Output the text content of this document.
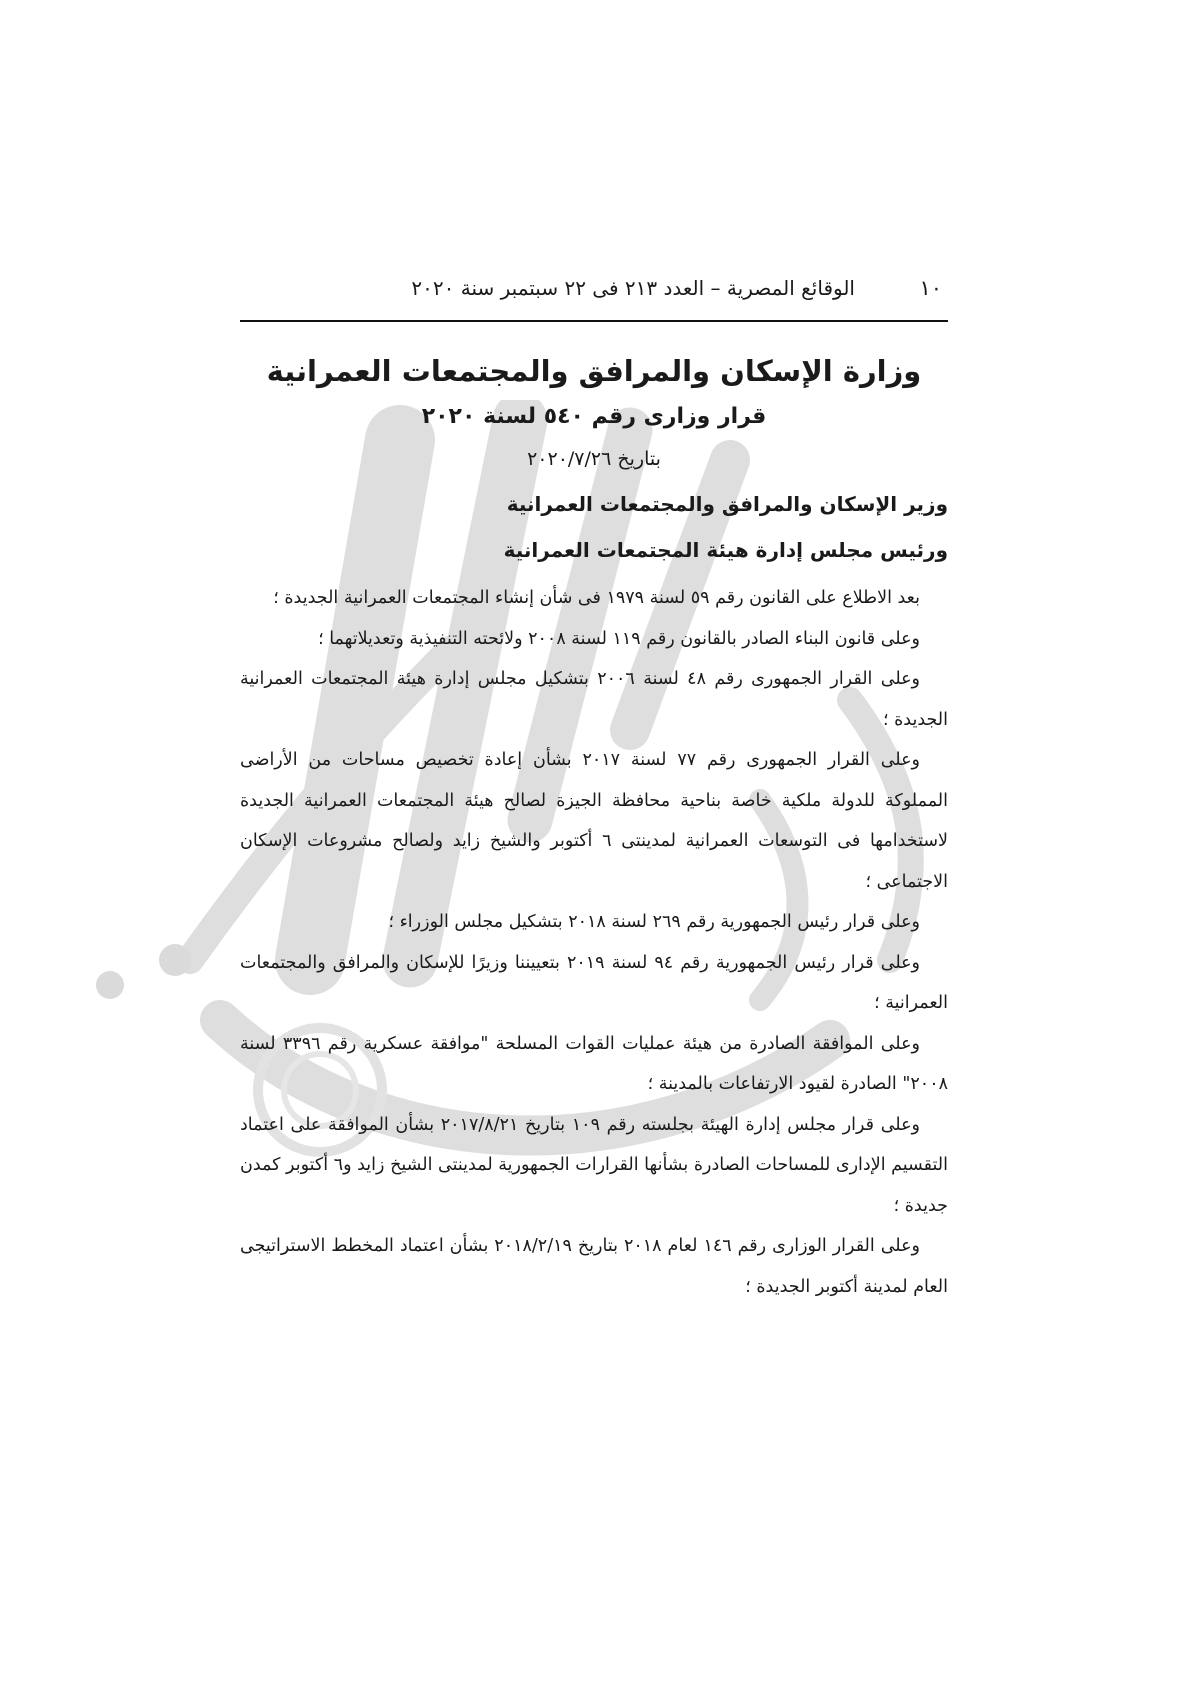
١٠
الوقائع المصرية – العدد ٢١٣ فى ٢٢ سبتمبر سنة ٢٠٢٠
وزارة الإسكان والمرافق والمجتمعات العمرانية
قرار وزارى رقم ٥٤٠ لسنة ٢٠٢٠
بتاريخ ٢٠٢٠/٧/٢٦
وزير الإسكان والمرافق والمجتمعات العمرانية
ورئيس مجلس إدارة هيئة المجتمعات العمرانية

بعد الاطلاع على القانون رقم ٥٩ لسنة ١٩٧٩ فى شأن إنشاء المجتمعات العمرانية الجديدة ؛

وعلى قانون البناء الصادر بالقانون رقم ١١٩ لسنة ٢٠٠٨ ولائحته التنفيذية وتعديلاتهما ؛

وعلى القرار الجمهورى رقم ٤٨ لسنة ٢٠٠٦ بتشكيل مجلس إدارة هيئة المجتمعات العمرانية الجديدة ؛

وعلى القرار الجمهورى رقم ٧٧ لسنة ٢٠١٧ بشأن إعادة تخصيص مساحات من الأراضى المملوكة للدولة ملكية خاصة بناحية محافظة الجيزة لصالح هيئة المجتمعات العمرانية الجديدة لاستخدامها فى التوسعات العمرانية لمدينتى ٦ أكتوبر والشيخ زايد ولصالح مشروعات الإسكان الاجتماعى ؛

وعلى قرار رئيس الجمهورية رقم ٢٦٩ لسنة ٢٠١٨ بتشكيل مجلس الوزراء ؛

وعلى قرار رئيس الجمهورية رقم ٩٤ لسنة ٢٠١٩ بتعييننا وزيرًا للإسكان والمرافق والمجتمعات العمرانية ؛

وعلى الموافقة الصادرة من هيئة عمليات القوات المسلحة "موافقة عسكرية رقم ٣٣٩٦ لسنة ٢٠٠٨" الصادرة لقيود الارتفاعات بالمدينة ؛

وعلى قرار مجلس إدارة الهيئة بجلسته رقم ١٠٩ بتاريخ ٢٠١٧/٨/٢١ بشأن الموافقة على اعتماد التقسيم الإدارى للمساحات الصادرة بشأنها القرارات الجمهورية لمدينتى الشيخ زايد و٦ أكتوبر كمدن جديدة ؛

وعلى القرار الوزارى رقم ١٤٦ لعام ٢٠١٨ بتاريخ ٢٠١٨/٢/١٩ بشأن اعتماد المخطط الاستراتيجى العام لمدينة أكتوبر الجديدة ؛
